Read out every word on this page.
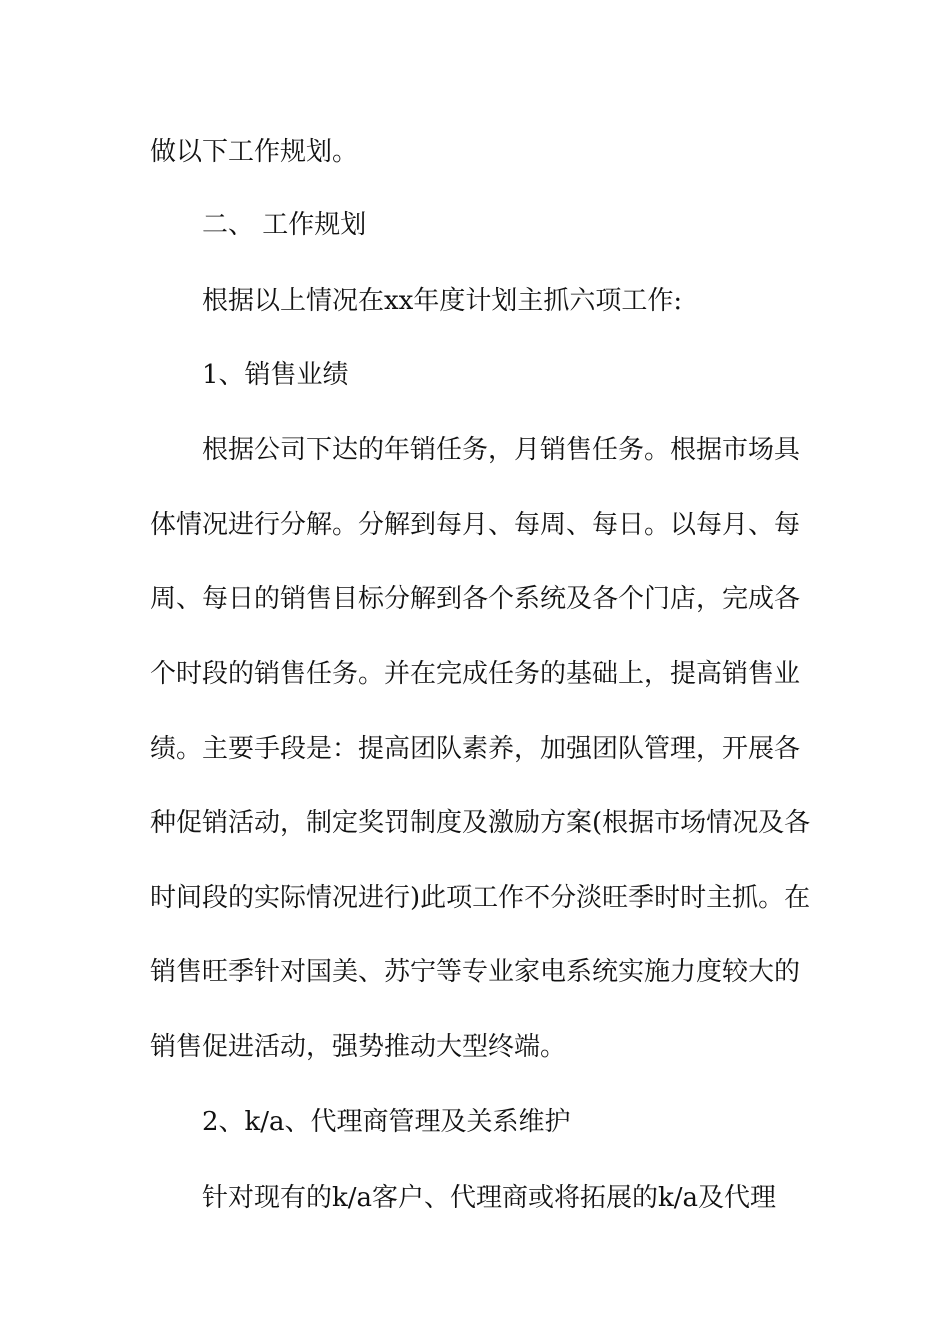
做以下工作规划。
二、 工作规划
根据以上情况在xx年度计划主抓六项工作:
1、销售业绩
根据公司下达的年销任务，月销售任务。根据市场具
体情况进行分解。分解到每月、每周、每日。以每月、每
周、每日的销售目标分解到各个系统及各个门店，完成各
个时段的销售任务。并在完成任务的基础上，提高销售业
绩。主要手段是：提高团队素养，加强团队管理，开展各
种促销活动，制定奖罚制度及激励方案(根据市场情况及各
时间段的实际情况进行)此项工作不分淡旺季时时主抓。在
销售旺季针对国美、苏宁等专业家电系统实施力度较大的
销售促进活动，强势推动大型终端。
2、k/a、代理商管理及关系维护
针对现有的k/a客户、代理商或将拓展的k/a及代理
